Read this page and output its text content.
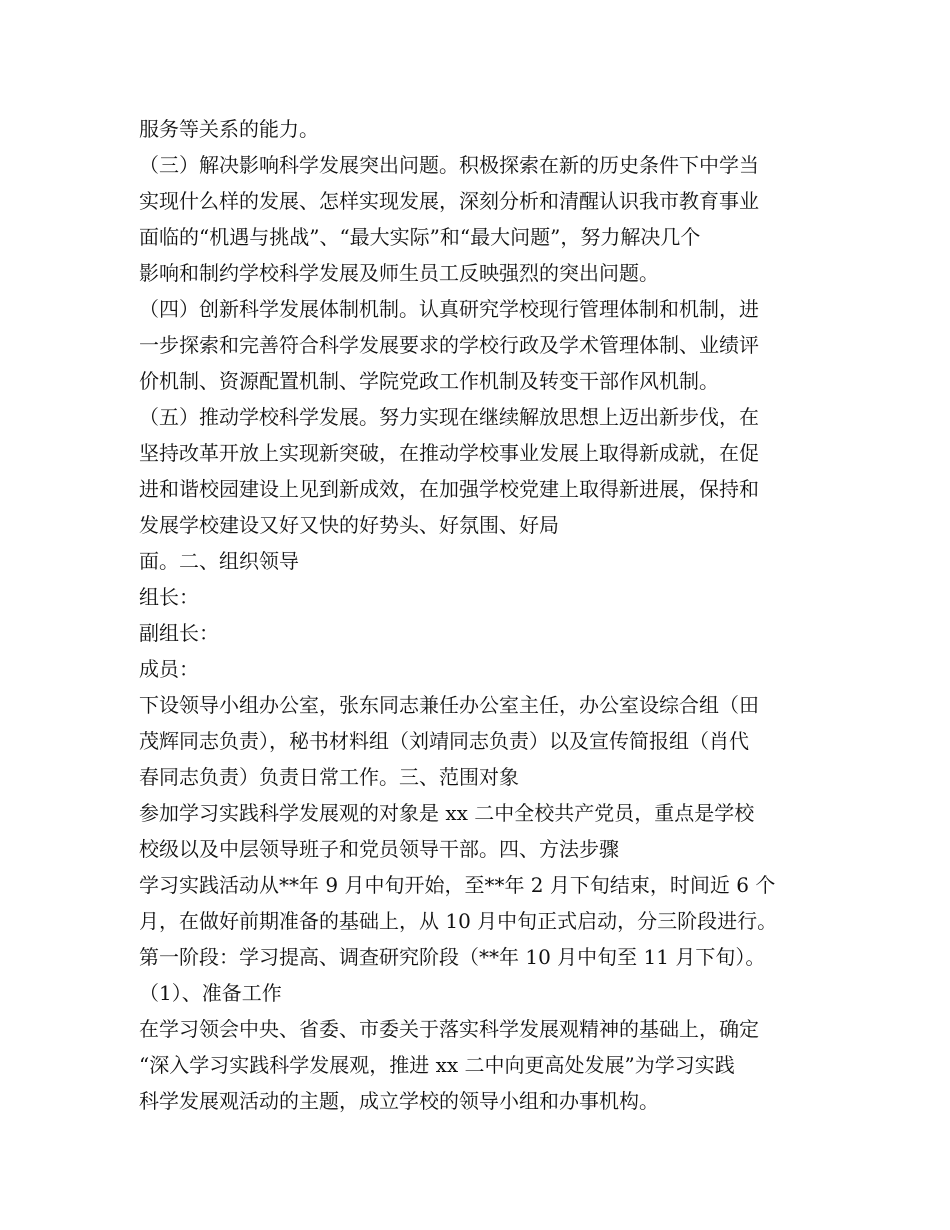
服务等关系的能力。
（三）解决影响科学发展突出问题。积极探索在新的历史条件下中学当
实现什么样的发展、怎样实现发展，深刻分析和清醒认识我市教育事业
面临的“机遇与挑战”、“最大实际”和“最大问题”，努力解决几个
影响和制约学校科学发展及师生员工反映强烈的突出问题。
（四）创新科学发展体制机制。认真研究学校现行管理体制和机制，进
一步探索和完善符合科学发展要求的学校行政及学术管理体制、业绩评
价机制、资源配置机制、学院党政工作机制及转变干部作风机制。
（五）推动学校科学发展。努力实现在继续解放思想上迈出新步伐，在
坚持改革开放上实现新突破，在推动学校事业发展上取得新成就，在促
进和谐校园建设上见到新成效，在加强学校党建上取得新进展，保持和
发展学校建设又好又快的好势头、好氛围、好局
面。二、组织领导
组长：
副组长：
成员：
下设领导小组办公室，张东同志兼任办公室主任，办公室设综合组（田
茂辉同志负责），秘书材料组（刘靖同志负责）以及宣传简报组（肖代
春同志负责）负责日常工作。三、范围对象
参加学习实践科学发展观的对象是 xx 二中全校共产党员，重点是学校
校级以及中层领导班子和党员领导干部。四、方法步骤
学习实践活动从**年 9 月中旬开始，至**年 2 月下旬结束，时间近 6 个
月，在做好前期准备的基础上，从 10 月中旬正式启动，分三阶段进行。
第一阶段：学习提高、调查研究阶段（**年 10 月中旬至 11 月下旬）。
（1）、准备工作
在学习领会中央、省委、市委关于落实科学发展观精神的基础上，确定
“深入学习实践科学发展观，推进 xx 二中向更高处发展”为学习实践
科学发展观活动的主题，成立学校的领导小组和办事机构。
